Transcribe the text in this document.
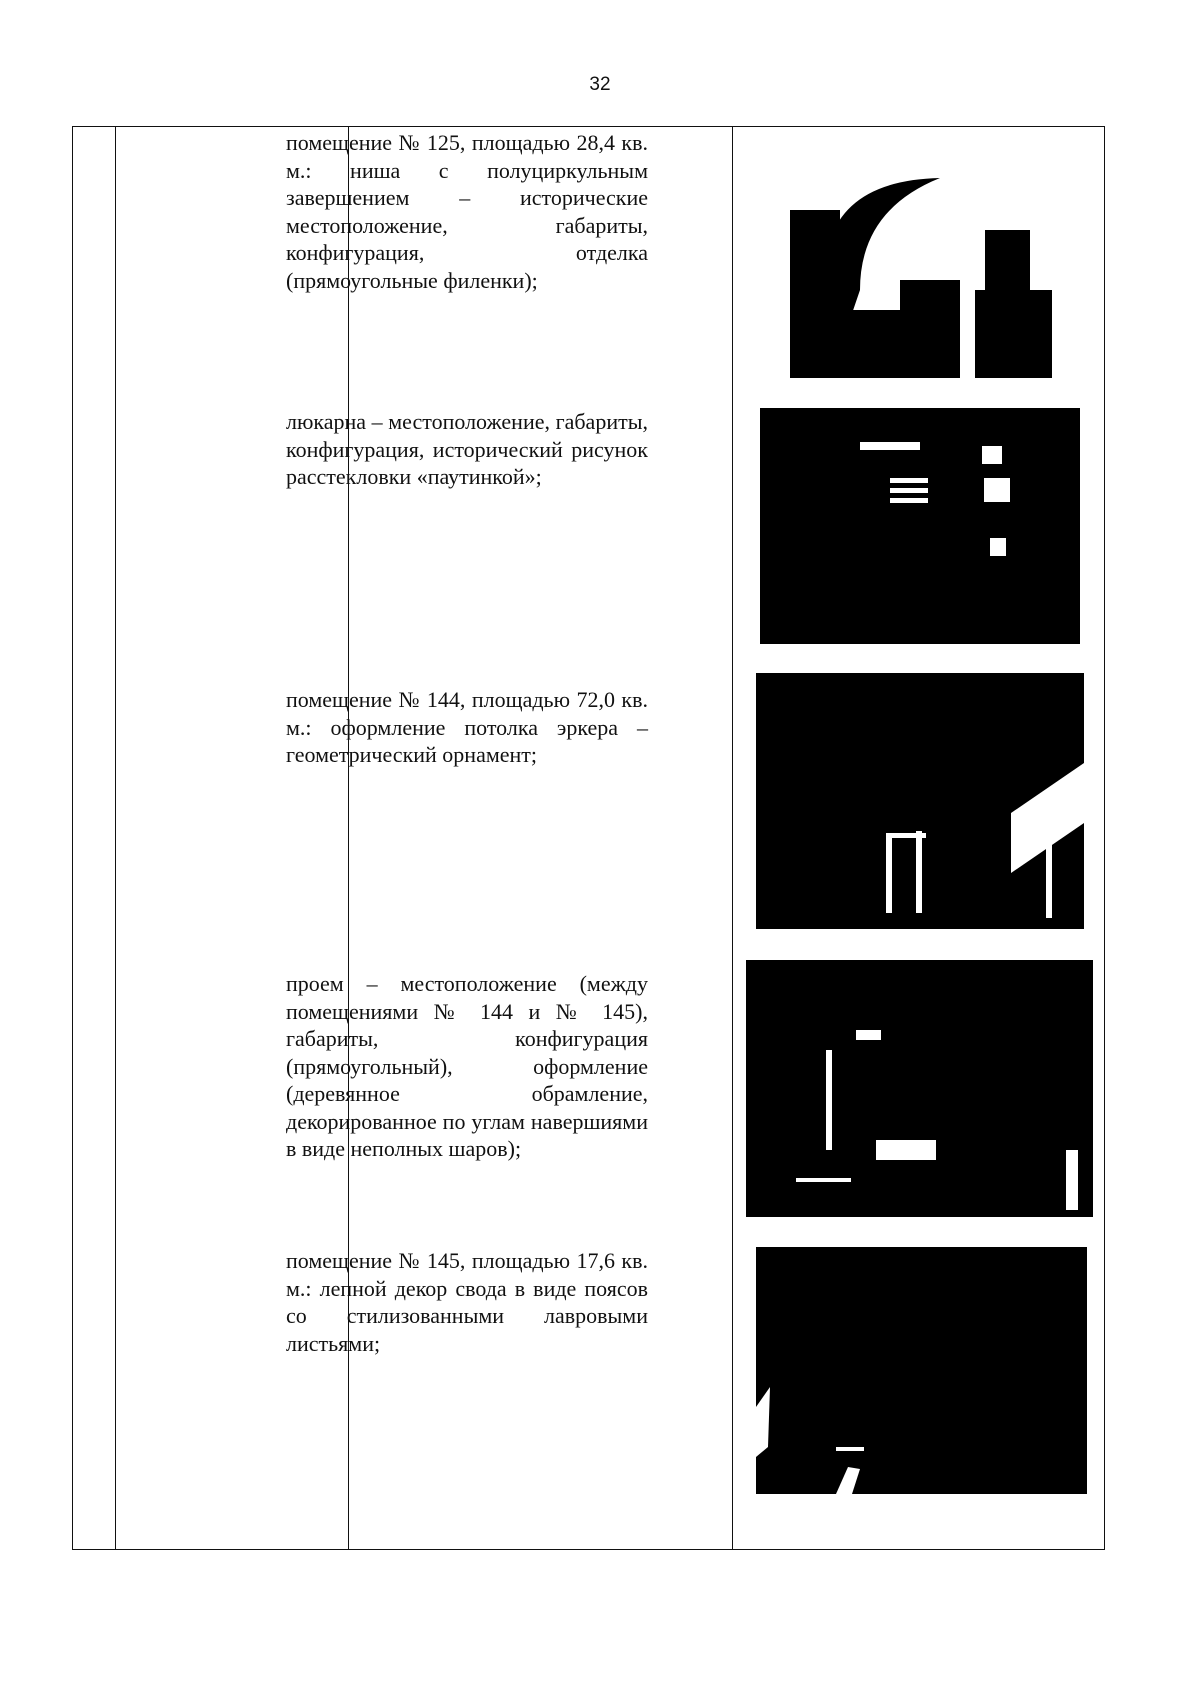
32

помещение № 125, площадью 28,4 кв. м.: ниша с полуциркульным завершением – исторические местоположение, габариты, конфигурация, отделка (прямоугольные филенки);

люкарна – местоположение, габариты, конфигурация, исторический рисунок расстекловки «паутинкой»;

помещение № 144, площадью 72,0 кв. м.: оформление потолка эркера – геометрический орнамент;

проем – местоположение (между помещениями № 144 и № 145), габариты, конфигурация (прямоугольный), оформление (деревянное обрамление, декорированное по углам навершиями в виде неполных шаров);

помещение № 145, площадью 17,6 кв. м.: лепной декор свода в виде поясов со стилизованными лавровыми листьями;
